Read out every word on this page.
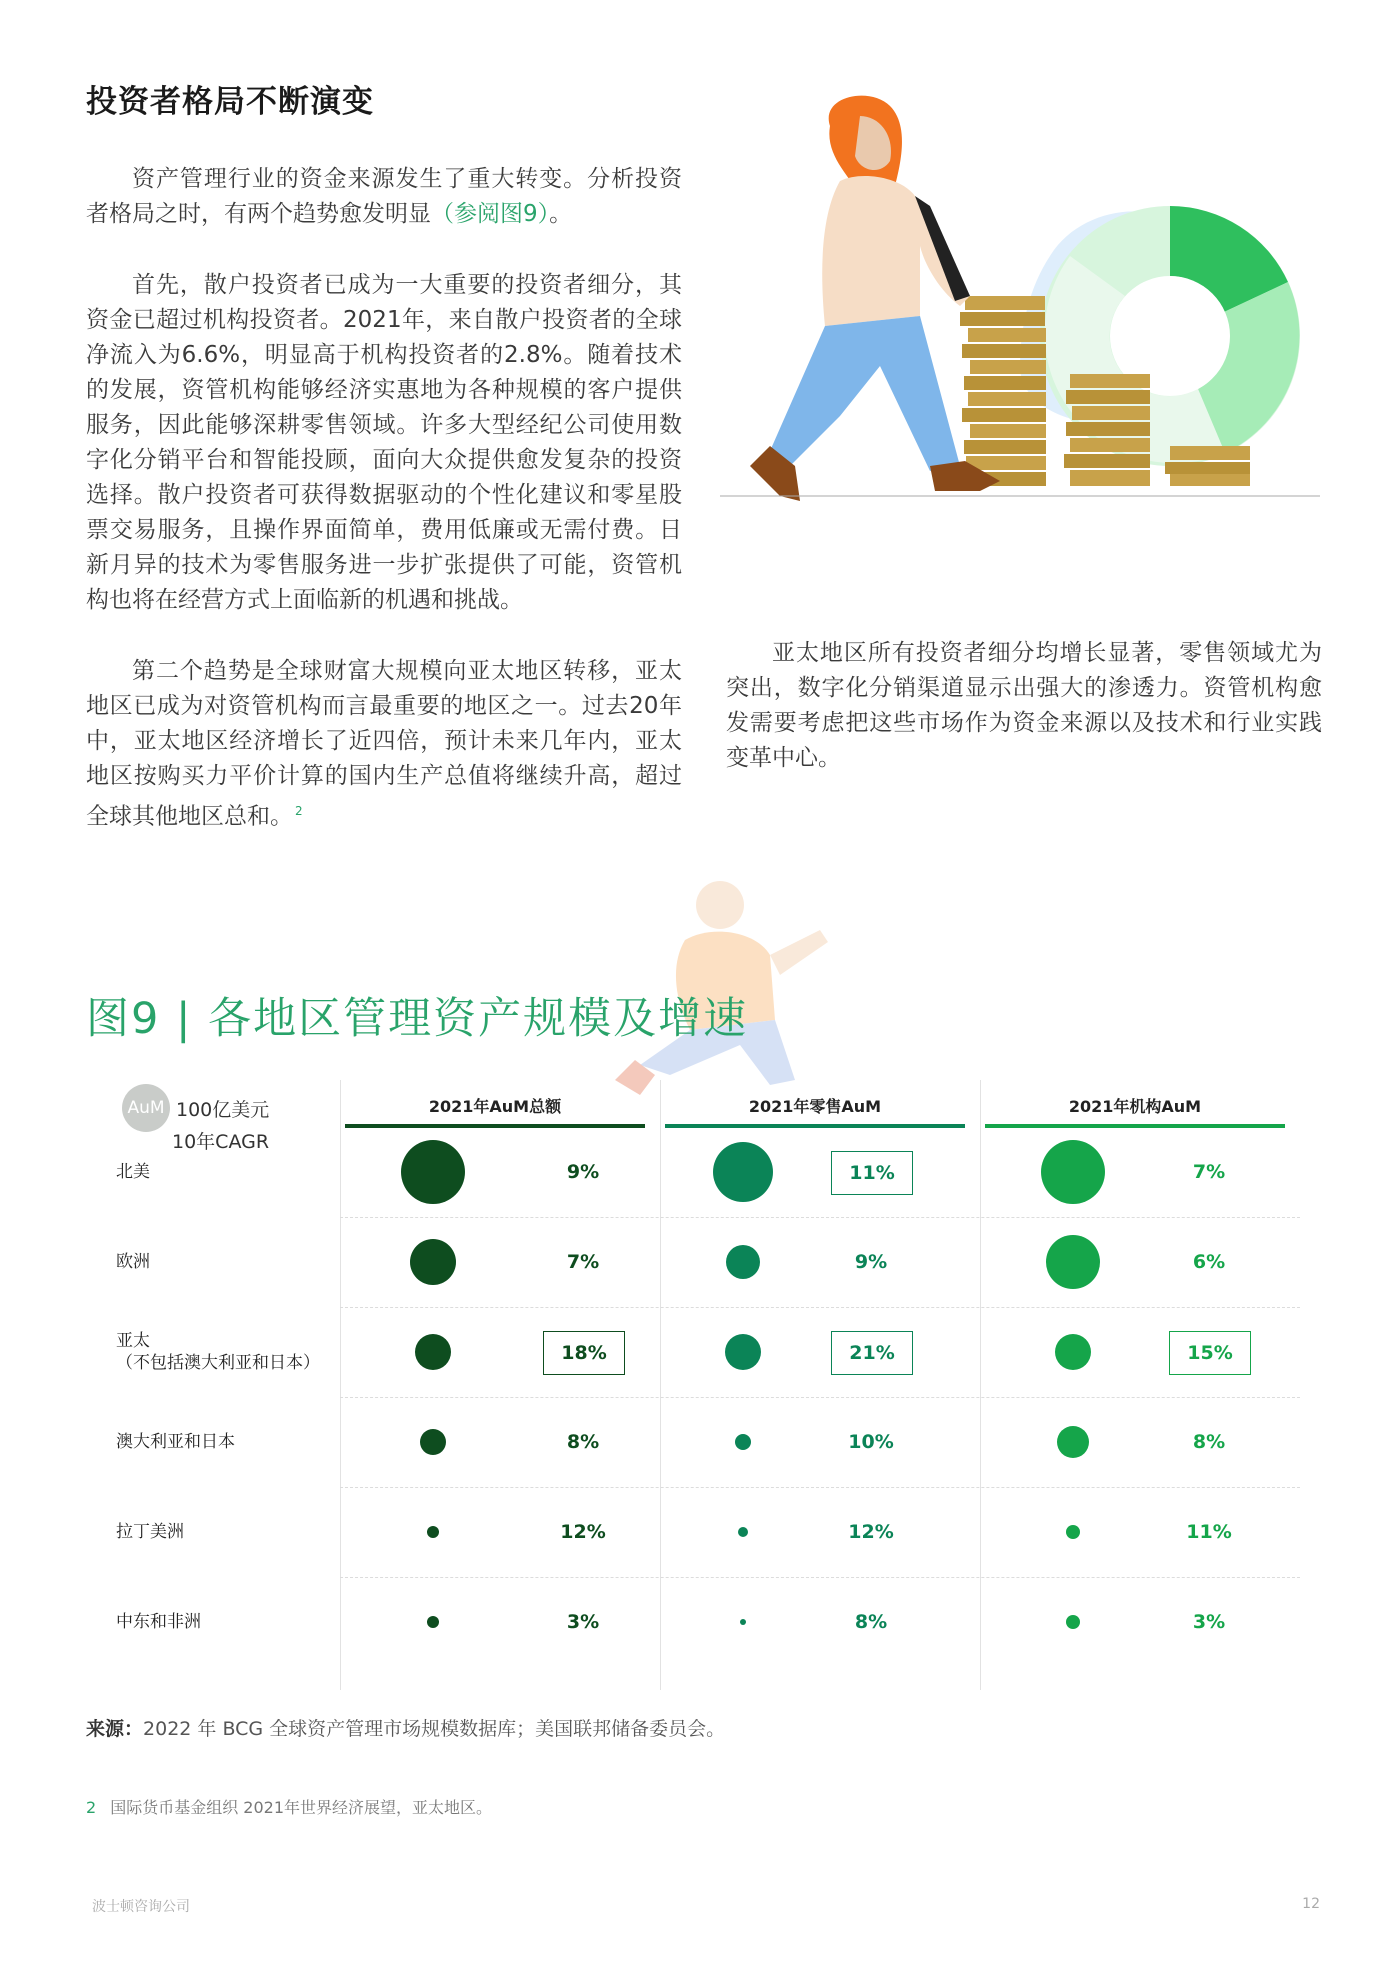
投资者格局不断演变

资产管理行业的资金来源发生了重大转变。分析投资者格局之时，有两个趋势愈发明显（参阅图9）。

首先，散户投资者已成为一大重要的投资者细分，其资金已超过机构投资者。2021年，来自散户投资者的全球净流入为6.6%，明显高于机构投资者的2.8%。随着技术的发展，资管机构能够经济实惠地为各种规模的客户提供服务，因此能够深耕零售领域。许多大型经纪公司使用数字化分销平台和智能投顾，面向大众提供愈发复杂的投资选择。散户投资者可获得数据驱动的个性化建议和零星股票交易服务，且操作界面简单，费用低廉或无需付费。日新月异的技术为零售服务进一步扩张提供了可能，资管机构也将在经营方式上面临新的机遇和挑战。

第二个趋势是全球财富大规模向亚太地区转移，亚太地区已成为对资管机构而言最重要的地区之一。过去20年中，亚太地区经济增长了近四倍，预计未来几年内，亚太地区按购买力平价计算的国内生产总值将继续升高，超过全球其他地区总和。 $^2$

亚太地区所有投资者细分均增长显著，零售领域尤为突出，数字化分销渠道显示出强大的渗透力。资管机构愈发需要考虑把这些市场作为资金来源以及技术和行业实践变革中心。

图9 | 各地区管理资产规模及增速
AuM 100亿美元
10年CAGR
2021年AuM总额	2021年零售AuM	2021年机构AuM
北美	9%	11%	7%
欧洲	7%	9%	6%
亚太
（不包括澳大利亚和日本）	18%	21%	15%
澳大利亚和日本	8%	10%	8%
拉丁美洲	12%	12%	11%
中东和非洲	3%	8%	3%
来源：2022 年 BCG 全球资产管理市场规模数据库；美国联邦储备委员会。
2 国际货币基金组织 2021年世界经济展望，亚太地区。
波士顿咨询公司	12
